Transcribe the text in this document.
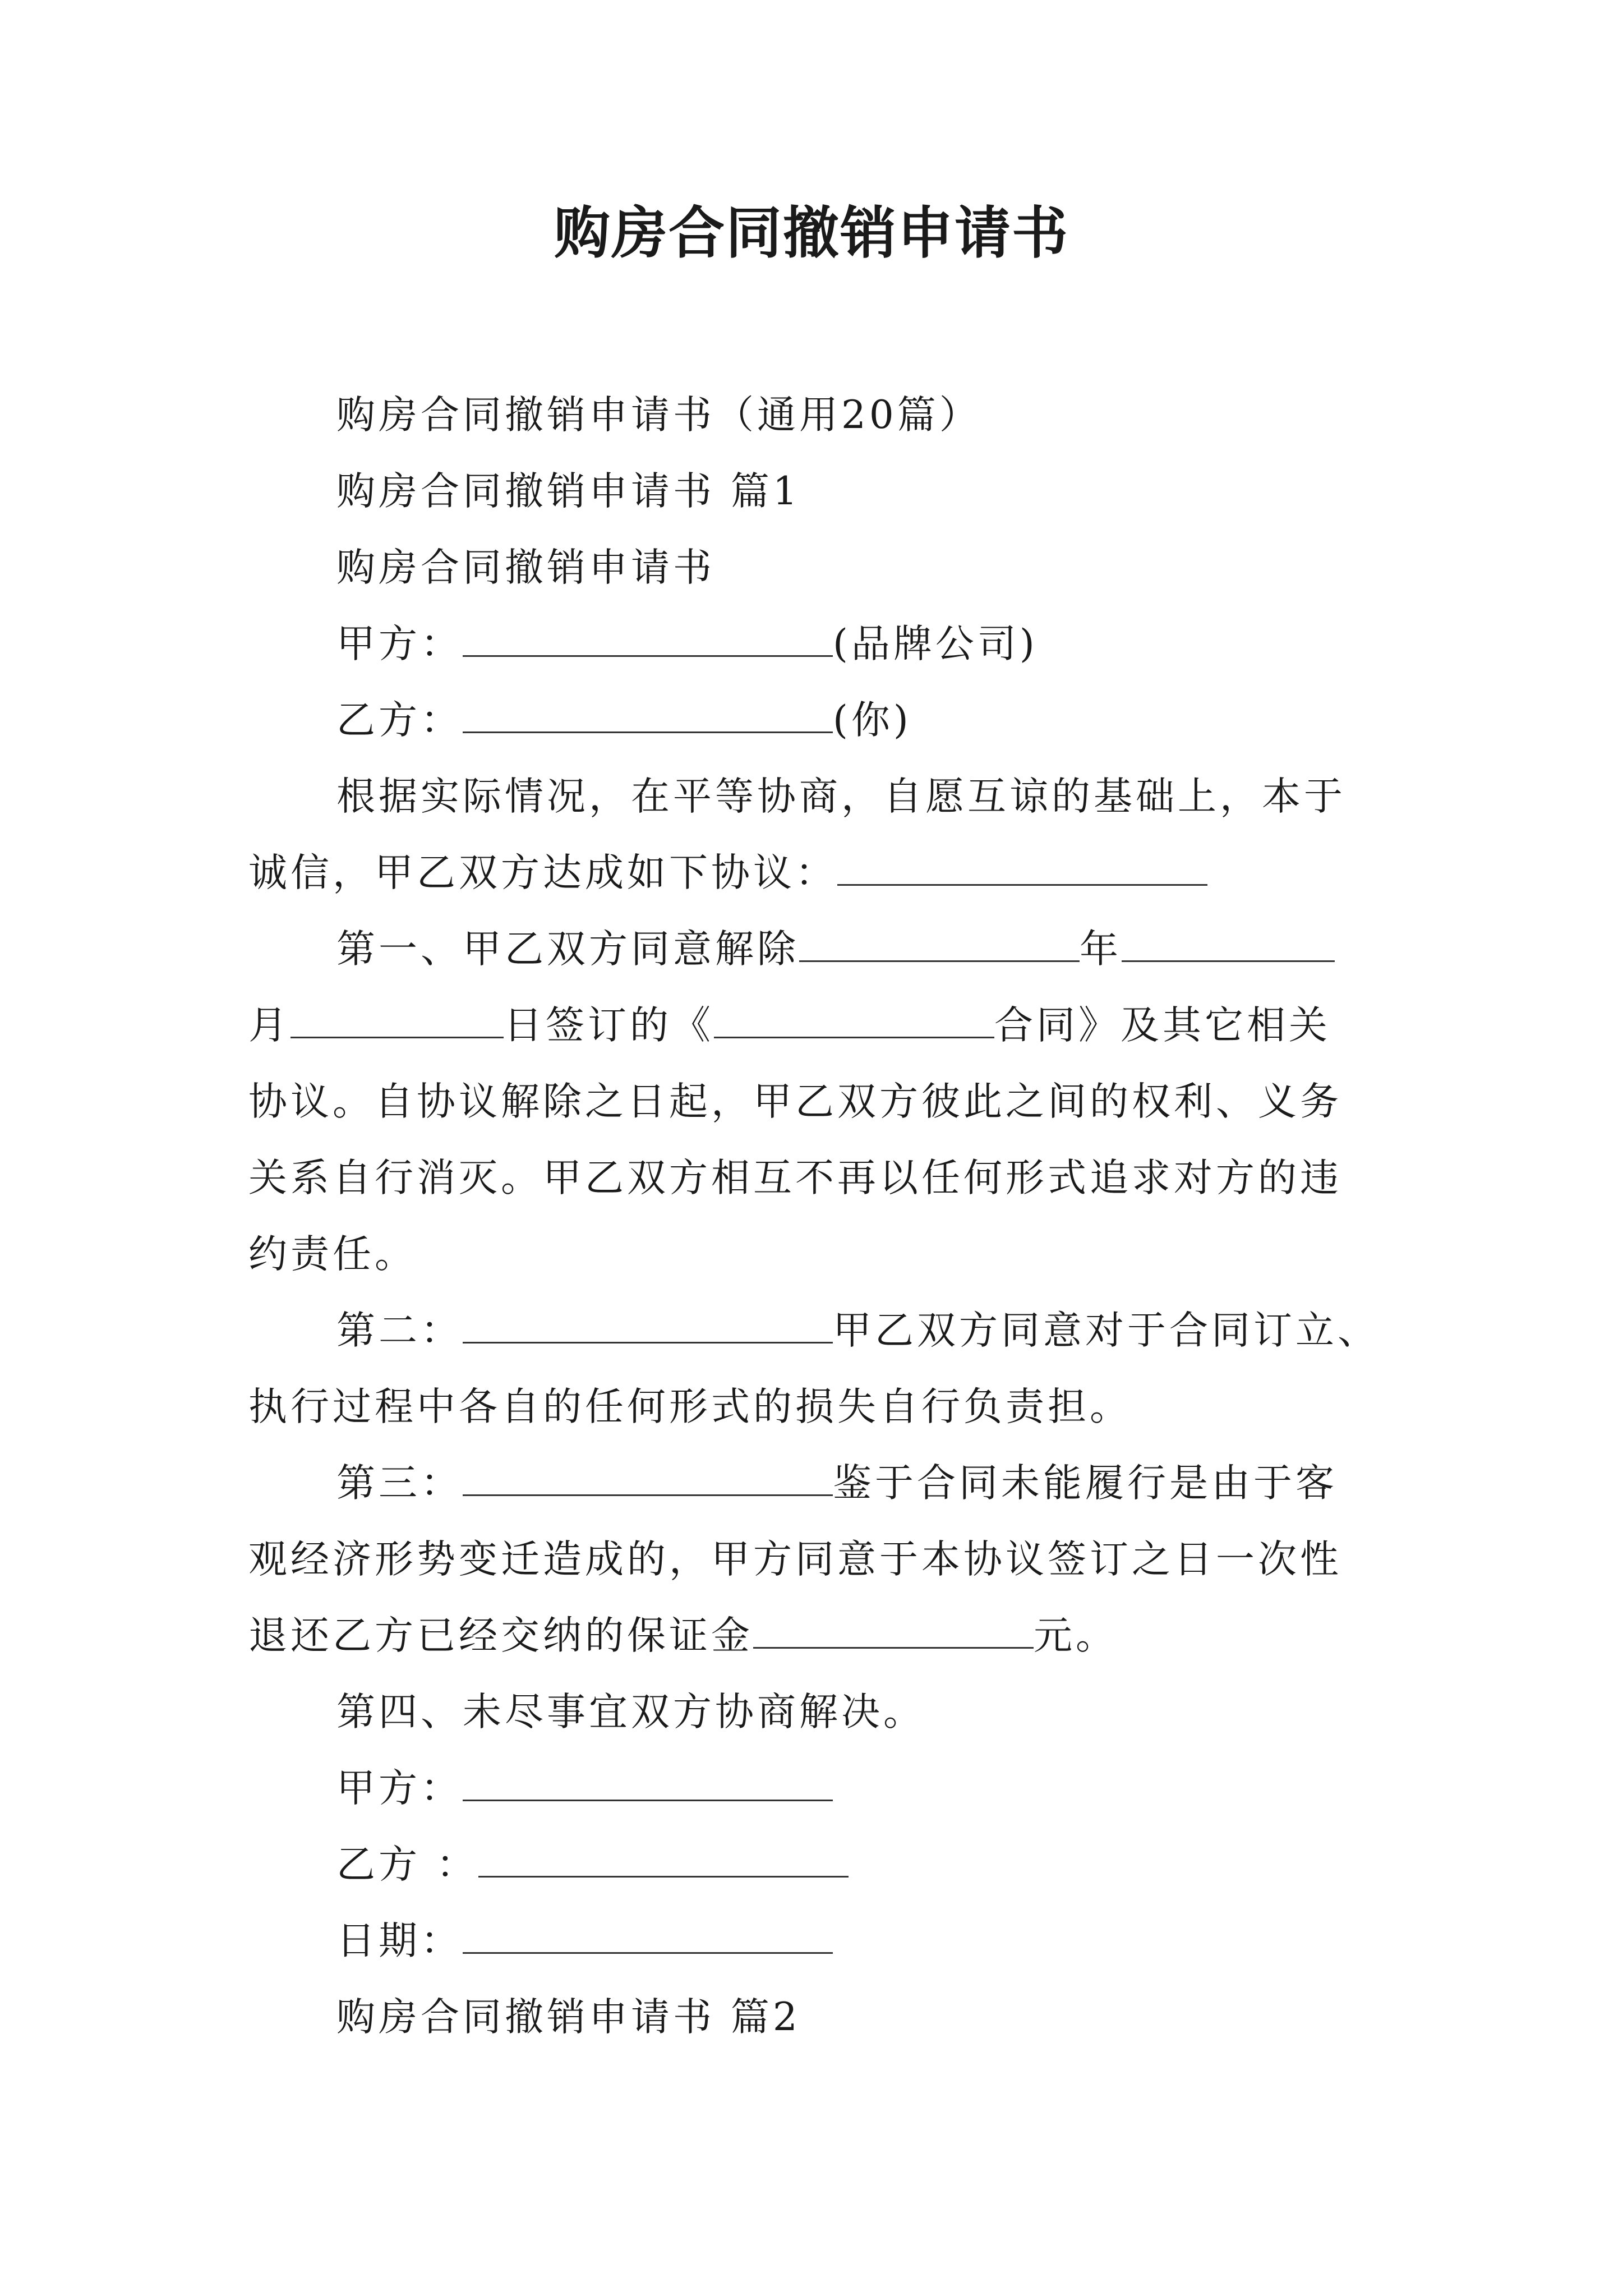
购房合同撤销申请书
购房合同撤销申请书（通用20篇）
购房合同撤销申请书 篇1
购房合同撤销申请书
甲方：	(品牌公司)
乙方：	(你)
根据实际情况，在平等协商，自愿互谅的基础上，本于
诚信，甲乙双方达成如下协议：
第一、甲乙双方同意解除	年
月	日签订的《	合同》及其它相关
协议。自协议解除之日起，甲乙双方彼此之间的权利、义务
关系自行消灭。甲乙双方相互不再以任何形式追求对方的违
约责任。
第二：	甲乙双方同意对于合同订立、
执行过程中各自的任何形式的损失自行负责担。
第三：	鉴于合同未能履行是由于客
观经济形势变迁造成的，甲方同意于本协议签订之日一次性
退还乙方已经交纳的保证金	元。
第四、未尽事宜双方协商解决。
甲方：
乙方 ：
日期：
购房合同撤销申请书 篇2
